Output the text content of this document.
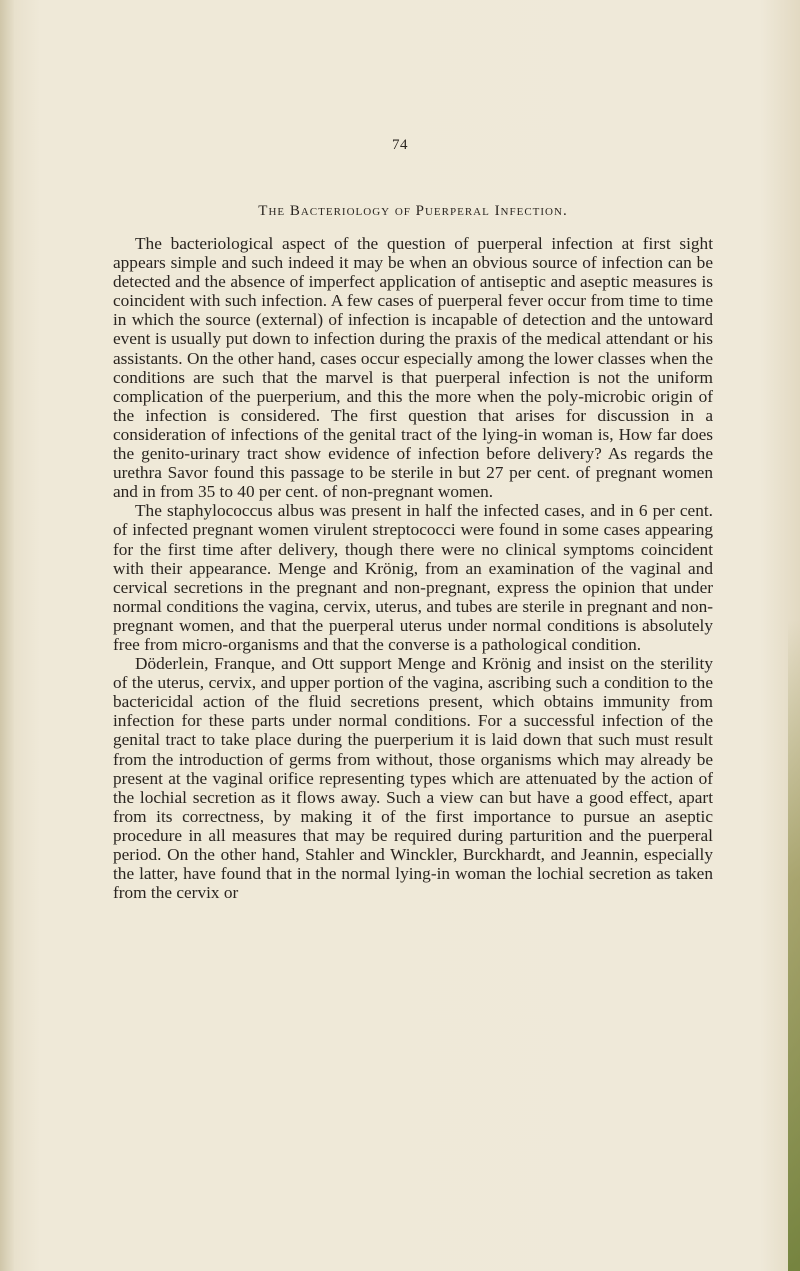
74
The Bacteriology of Puerperal Infection.

The bacteriological aspect of the question of puerperal infection at first sight appears simple and such indeed it may be when an obvious source of infection can be detected and the absence of imperfect application of antiseptic and aseptic measures is coincident with such infection. A few cases of puerperal fever occur from time to time in which the source (external) of infection is incapable of detection and the untoward event is usually put down to infection during the praxis of the medical attendant or his assistants. On the other hand, cases occur especially among the lower classes when the conditions are such that the marvel is that puerperal infection is not the uniform complication of the puerperium, and this the more when the poly-microbic origin of the infection is considered. The first question that arises for discussion in a consideration of infections of the genital tract of the lying-in woman is, How far does the genito-urinary tract show evidence of infection before delivery? As regards the urethra Savor found this passage to be sterile in but 27 per cent. of pregnant women and in from 35 to 40 per cent. of non-pregnant women.

The staphylococcus albus was present in half the infected cases, and in 6 per cent. of infected pregnant women virulent streptococci were found in some cases appearing for the first time after delivery, though there were no clinical symptoms coincident with their appearance. Menge and Krönig, from an examination of the vaginal and cervical secretions in the pregnant and non-pregnant, express the opinion that under normal conditions the vagina, cervix, uterus, and tubes are sterile in pregnant and non-pregnant women, and that the puerperal uterus under normal conditions is absolutely free from micro-organisms and that the converse is a pathological condition.

Döderlein, Franque, and Ott support Menge and Krönig and insist on the sterility of the uterus, cervix, and upper portion of the vagina, ascribing such a condition to the bactericidal action of the fluid secretions present, which obtains immunity from infection for these parts under normal conditions. For a successful infection of the genital tract to take place during the puerperium it is laid down that such must result from the introduction of germs from without, those organisms which may already be present at the vaginal orifice representing types which are attenuated by the action of the lochial secretion as it flows away. Such a view can but have a good effect, apart from its correctness, by making it of the first importance to pursue an aseptic procedure in all measures that may be required during parturition and the puerperal period. On the other hand, Stahler and Winckler, Burckhardt, and Jeannin, especially the latter, have found that in the normal lying-in woman the lochial secretion as taken from the cervix or
